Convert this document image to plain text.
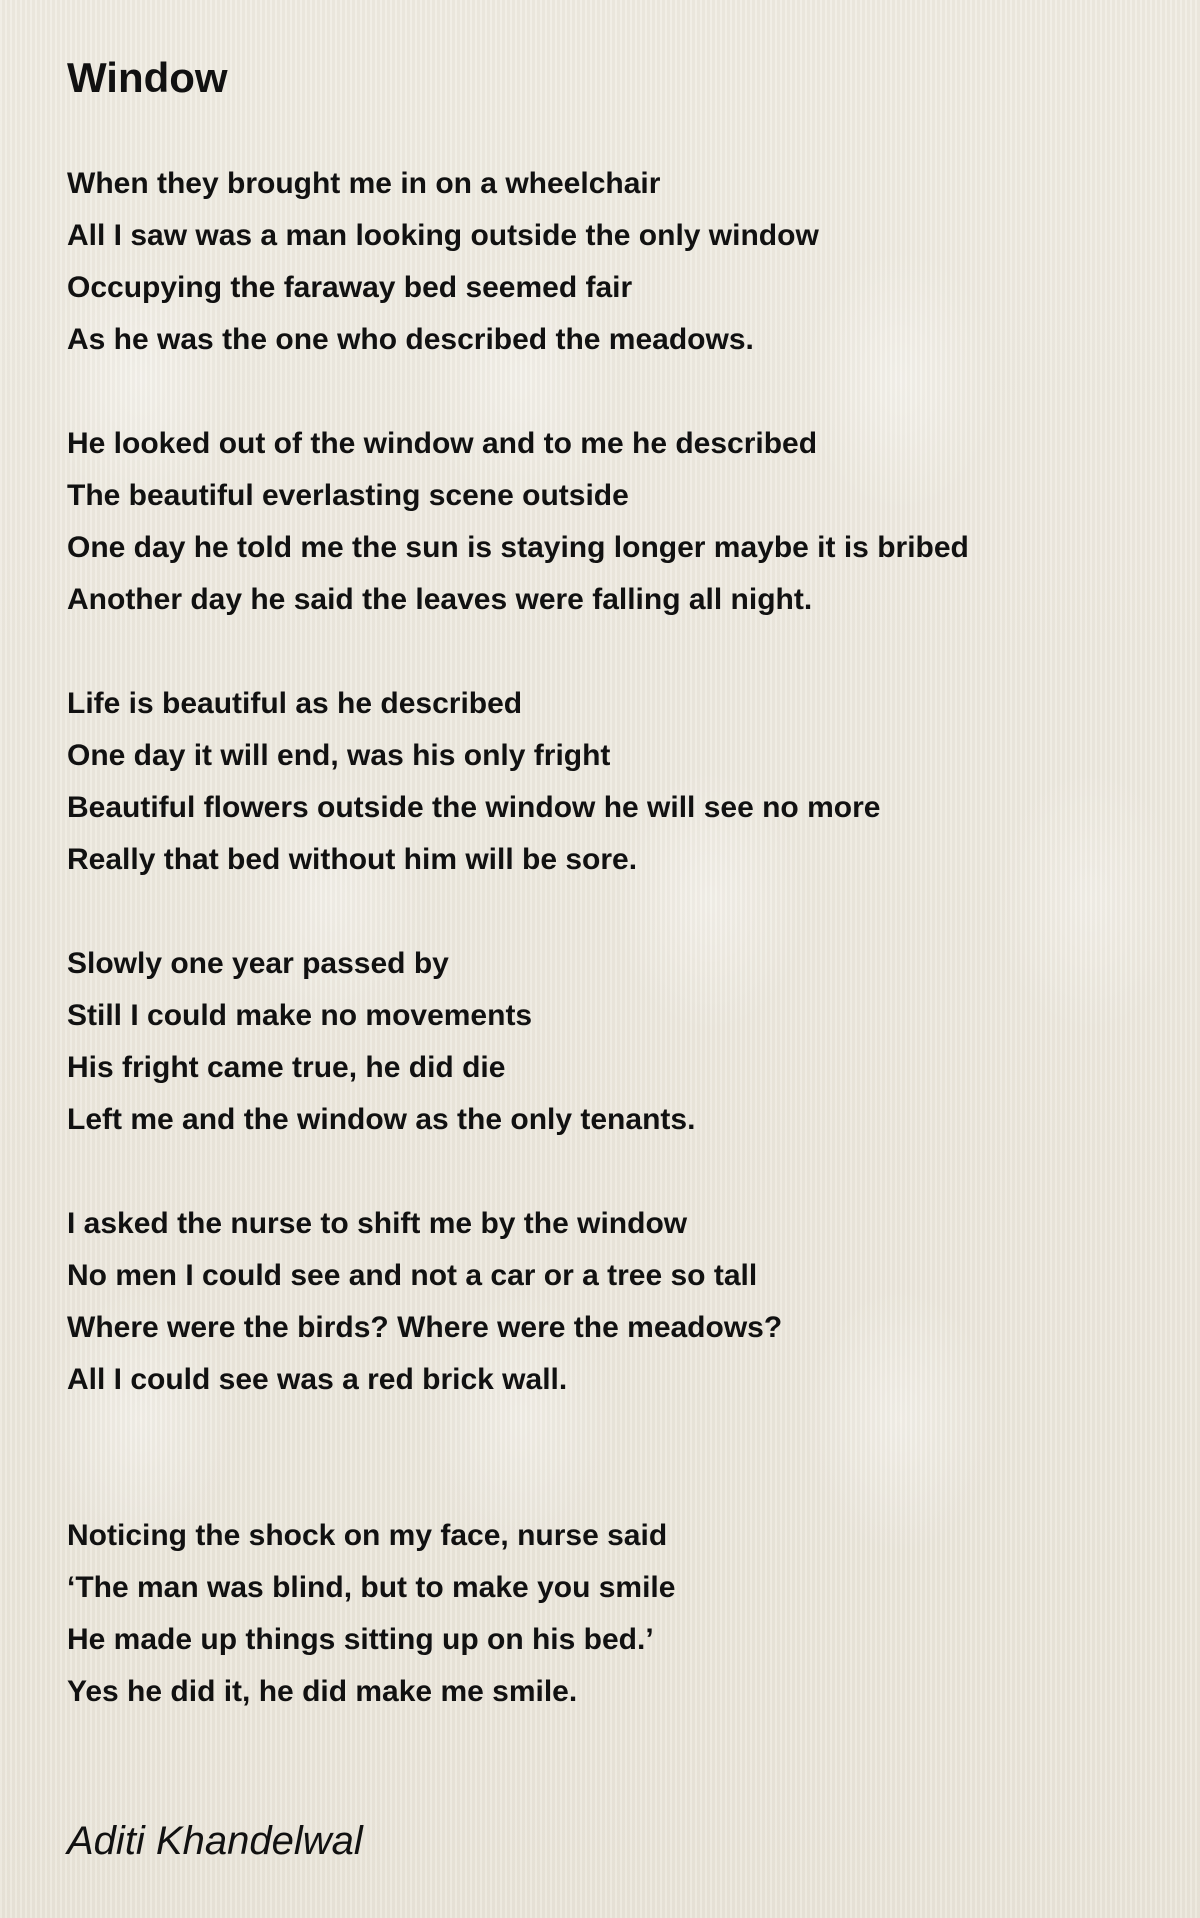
Window
When they brought me in on a wheelchair
All I saw was a man looking outside the only window
Occupying the faraway bed seemed fair
As he was the one who described the meadows.
He looked out of the window and to me he described
The beautiful everlasting scene outside
One day he told me the sun is staying longer maybe it is bribed
Another day he said the leaves were falling all night.
Life is beautiful as he described
One day it will end, was his only fright
Beautiful flowers outside the window he will see no more
Really that bed without him will be sore.
Slowly one year passed by
Still I could make no movements
His fright came true, he did die
Left me and the window as the only tenants.
I asked the nurse to shift me by the window
No men I could see and not a car or a tree so tall
Where were the birds? Where were the meadows?
All I could see was a red brick wall.
Noticing the shock on my face, nurse said
‘The man was blind, but to make you smile
He made up things sitting up on his bed.’
Yes he did it, he did make me smile.
Aditi Khandelwal
